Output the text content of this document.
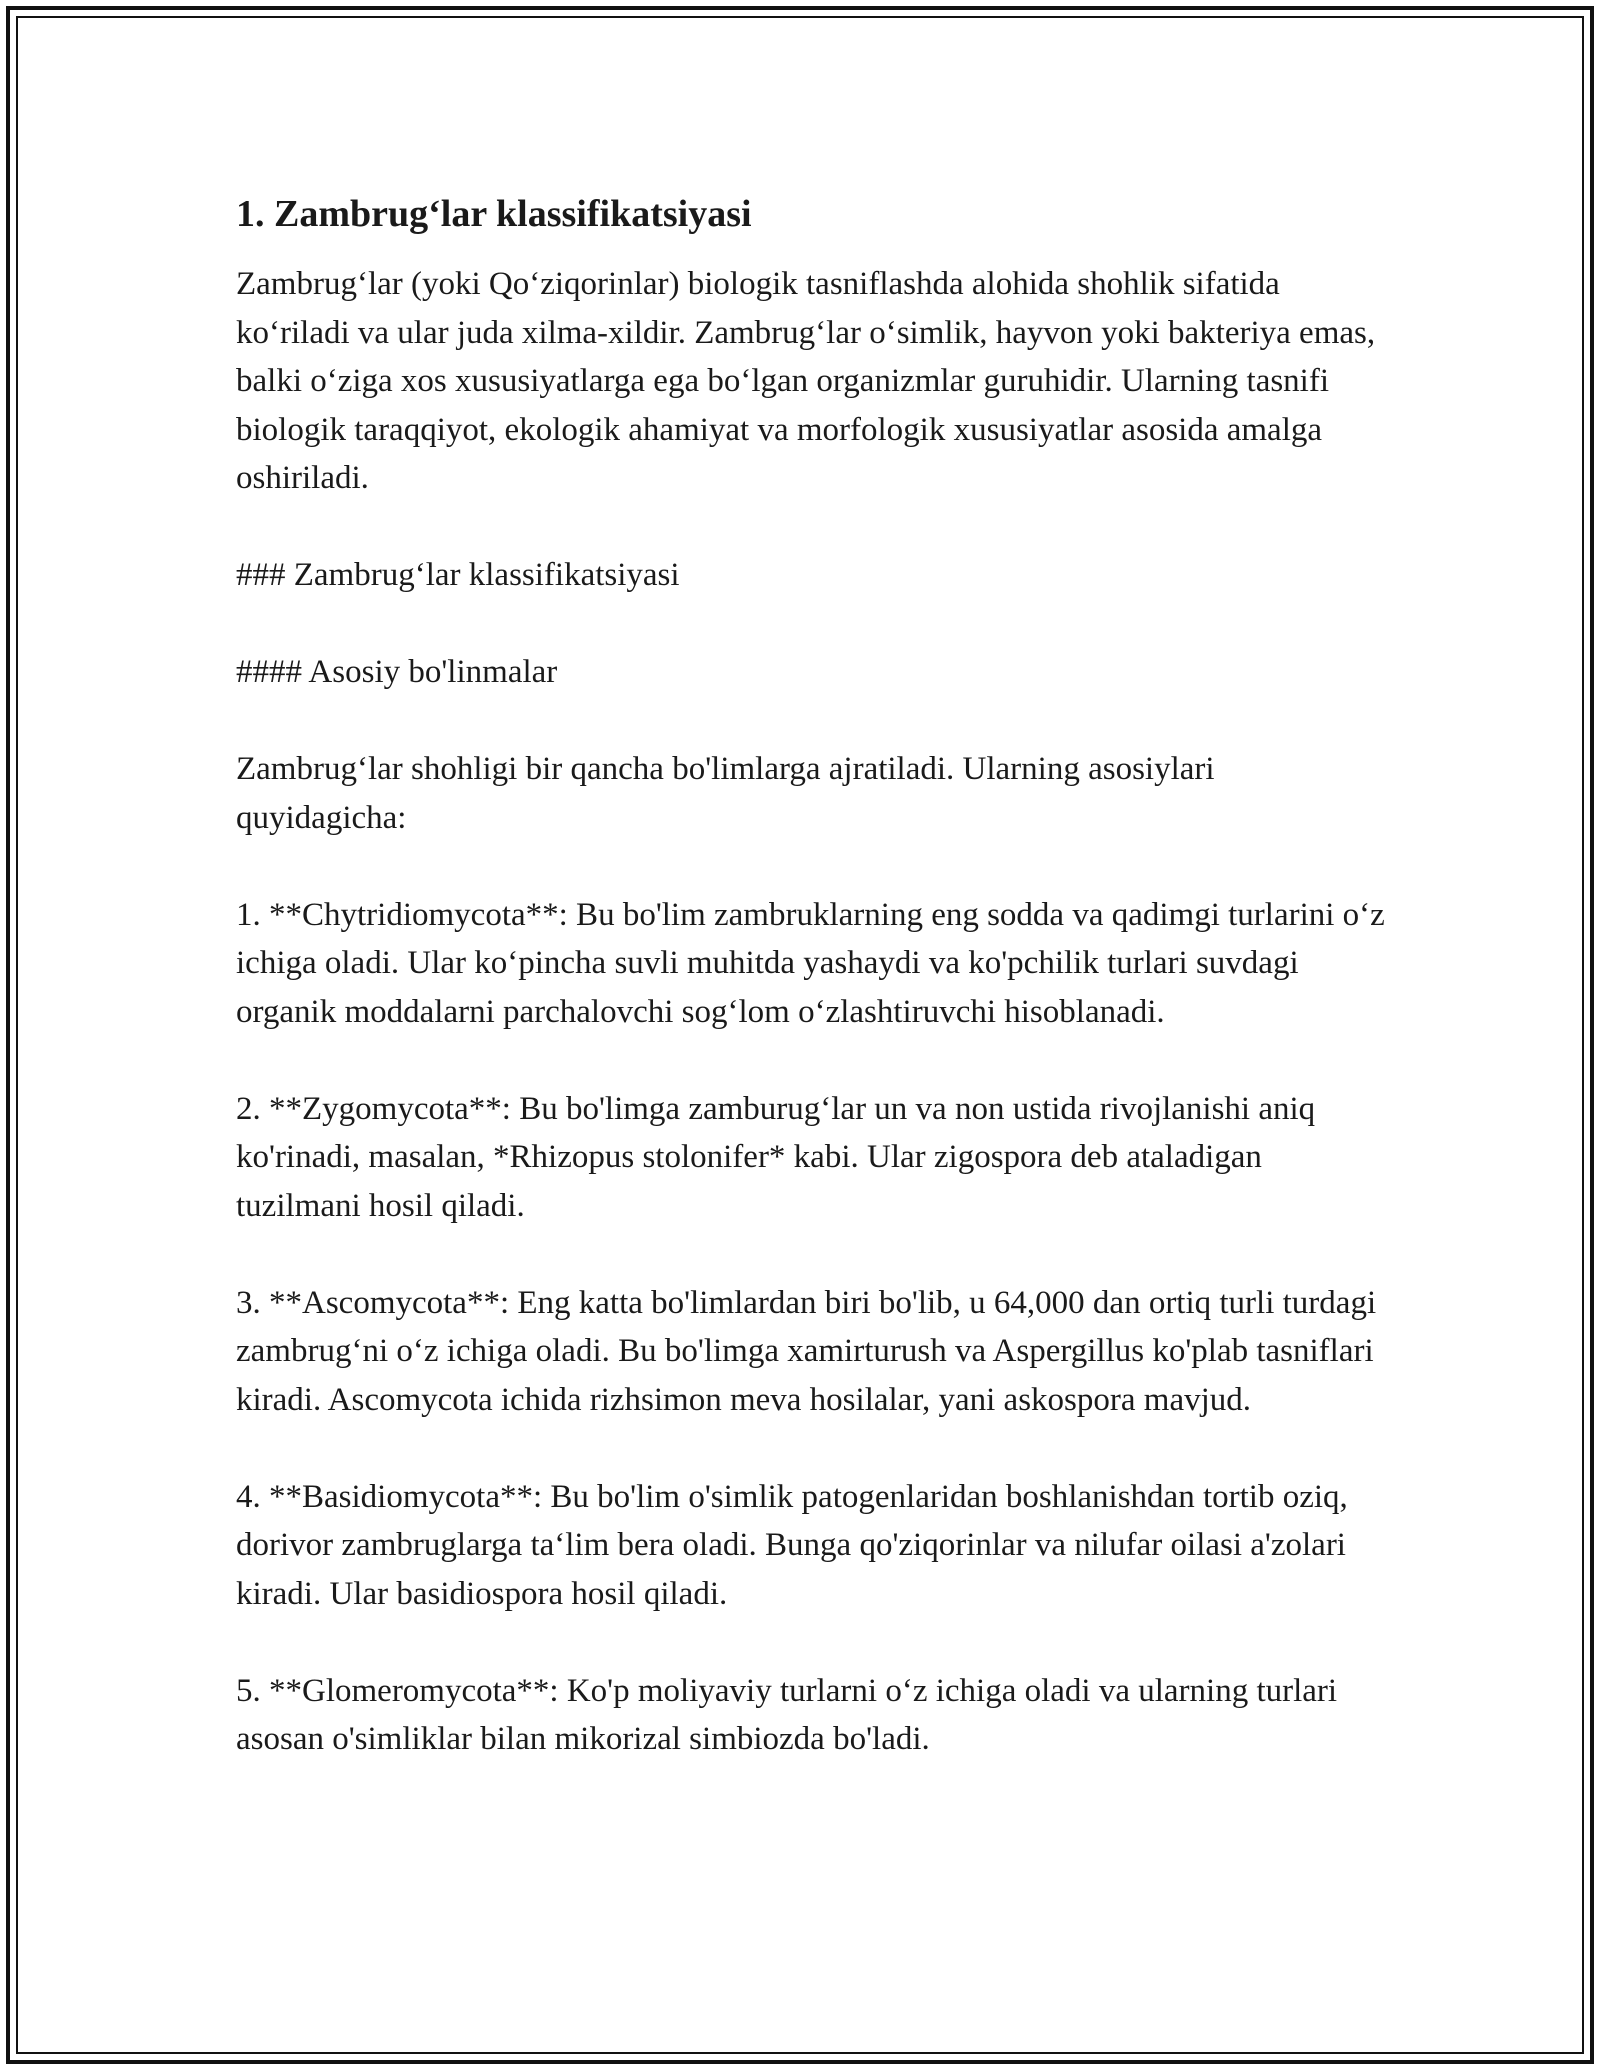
1. Zambrug‘lar klassifikatsiyasi

Zambrug‘lar (yoki Qo‘ziqorinlar) biologik tasniflashda alohida shohlik sifatida ko‘riladi va ular juda xilma-xildir. Zambrug‘lar o‘simlik, hayvon yoki bakteriya emas, balki o‘ziga xos xususiyatlarga ega bo‘lgan organizmlar guruhidir. Ularning tasnifi biologik taraqqiyot, ekologik ahamiyat va morfologik xususiyatlar asosida amalga oshiriladi.

### Zambrug‘lar klassifikatsiyasi

#### Asosiy bo'linmalar

Zambrug‘lar shohligi bir qancha bo'limlarga ajratiladi. Ularning asosiylari quyidagicha:

1. **Chytridiomycota**: Bu bo'lim zambruklarning eng sodda va qadimgi turlarini o‘z ichiga oladi. Ular ko‘pincha suvli muhitda yashaydi va ko'pchilik turlari suvdagi organik moddalarni parchalovchi sog‘lom o‘zlashtiruvchi hisoblanadi.

2. **Zygomycota**: Bu bo'limga zamburug‘lar un va non ustida rivojlanishi aniq ko'rinadi, masalan, *Rhizopus stolonifer* kabi. Ular zigospora deb ataladigan tuzilmani hosil qiladi.

3. **Ascomycota**: Eng katta bo'limlardan biri bo'lib, u 64,000 dan ortiq turli turdagi zambrug‘ni o‘z ichiga oladi. Bu bo'limga xamirturush va Aspergillus ko'plab tasniflari kiradi. Ascomycota ichida rizhsimon meva hosilalar, yani askospora mavjud.

4. **Basidiomycota**: Bu bo'lim o'simlik patogenlaridan boshlanishdan tortib oziq, dorivor zambruglarga ta‘lim bera oladi. Bunga qo'ziqorinlar va nilufar oilasi a'zolari kiradi. Ular basidiospora hosil qiladi.

5. **Glomeromycota**: Ko'p moliyaviy turlarni o‘z ichiga oladi va ularning turlari asosan o'simliklar bilan mikorizal simbiozda bo'ladi.
